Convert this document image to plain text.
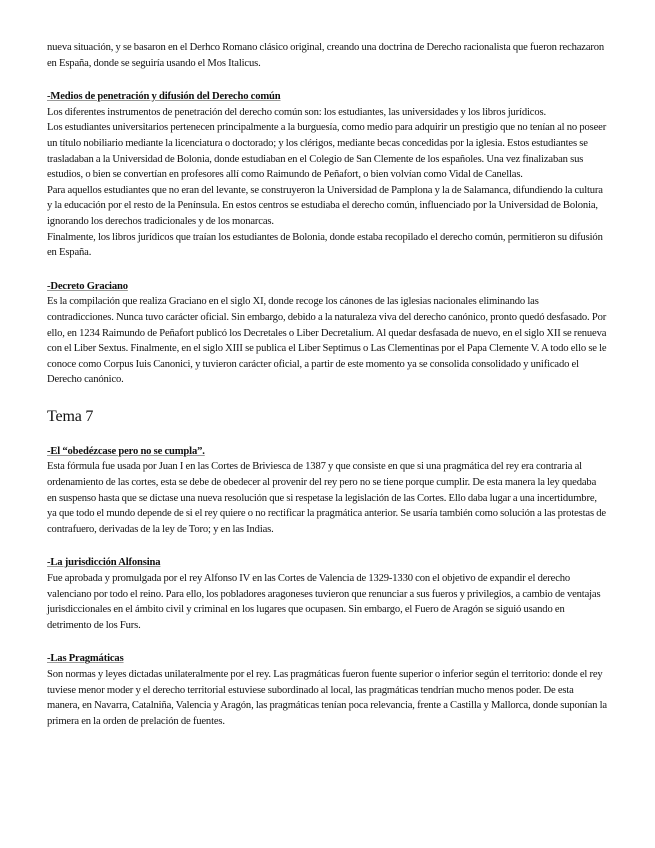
nueva situación, y se basaron en el Derhco Romano clásico original, creando una doctrina de Derecho racionalista que fueron rechazaron en España, donde se seguiría usando el Mos Italicus.

-Medios de penetración y difusión del Derecho común

Los diferentes instrumentos de penetración del derecho común son: los estudiantes, las universidades y los libros jurídicos.

Los estudiantes universitarios pertenecen principalmente a la burguesía, como medio para adquirir un prestigio que no tenían al no poseer un título nobiliario mediante la licenciatura o doctorado; y los clérigos, mediante becas concedidas por la iglesia. Estos estudiantes se trasladaban a la Universidad de Bolonia, donde estudiaban en el Colegio de San Clemente de los españoles. Una vez finalizaban sus estudios, o bien se convertían en profesores allí como Raimundo de Peñafort, o bien volvían como Vidal de Canellas.

Para aquellos estudiantes que no eran del levante, se construyeron la Universidad de Pamplona y la de Salamanca, difundiendo la cultura y la educación por el resto de la Península. En estos centros se estudiaba el derecho común, influenciado por la Universidad de Bolonia, ignorando los derechos tradicionales y de los monarcas.

Finalmente, los libros jurídicos que traían los estudiantes de Bolonia, donde estaba recopilado el derecho común, permitieron su difusión en España.

-Decreto Graciano

Es la compilación que realiza Graciano en el siglo XI, donde recoge los cánones de las iglesias nacionales eliminando las contradicciones. Nunca tuvo carácter oficial. Sin embargo, debido a la naturaleza viva del derecho canónico, pronto quedó desfasado. Por ello, en 1234 Raimundo de Peñafort publicó los Decretales o Liber Decretalium. Al quedar desfasada de nuevo, en el siglo XII se renueva con el Liber Sextus. Finalmente, en el siglo XIII se publica el Liber Septimus o Las Clementinas por el Papa Clemente V. A todo ello se le conoce como Corpus Iuis Canonici, y tuvieron carácter oficial, a partir de este momento ya se consolida consolidado y unificado el Derecho canónico.

Tema 7

-El “obedézcase pero no se cumpla”.

Esta fórmula fue usada por Juan I en las Cortes de Briviesca de 1387 y que consiste en que si una pragmática del rey era contraria al ordenamiento de las cortes, esta se debe de obedecer al provenir del rey pero no se tiene porque cumplir. De esta manera la ley quedaba en suspenso hasta que se dictase una nueva resolución que si respetase la legislación de las Cortes. Ello daba lugar a una incertidumbre, ya que todo el mundo depende de si el rey quiere o no rectificar la pragmática anterior. Se usaría también como solución a las protestas de contrafuero, derivadas de la ley de Toro; y en las Indias.

-La jurisdicción Alfonsina

Fue aprobada y promulgada por el rey Alfonso IV en las Cortes de Valencia de 1329-1330 con el objetivo de expandir el derecho valenciano por todo el reino. Para ello, los pobladores aragoneses tuvieron que renunciar a sus fueros y privilegios, a cambio de ventajas jurisdiccionales en el ámbito civil y criminal en los lugares que ocupasen. Sin embargo, el Fuero de Aragón se siguió usando en detrimento de los Furs.

-Las Pragmáticas

Son normas y leyes dictadas unilateralmente por el rey. Las pragmáticas fueron fuente superior o inferior según el territorio: donde el rey tuviese menor moder y el derecho territorial estuviese subordinado al local, las pragmáticas tendrían mucho menos poder. De esta manera, en Navarra, Catalniña, Valencia y Aragón, las pragmáticas tenían poca relevancia, frente a Castilla y Mallorca, donde suponían la primera en la orden de prelación de fuentes.
